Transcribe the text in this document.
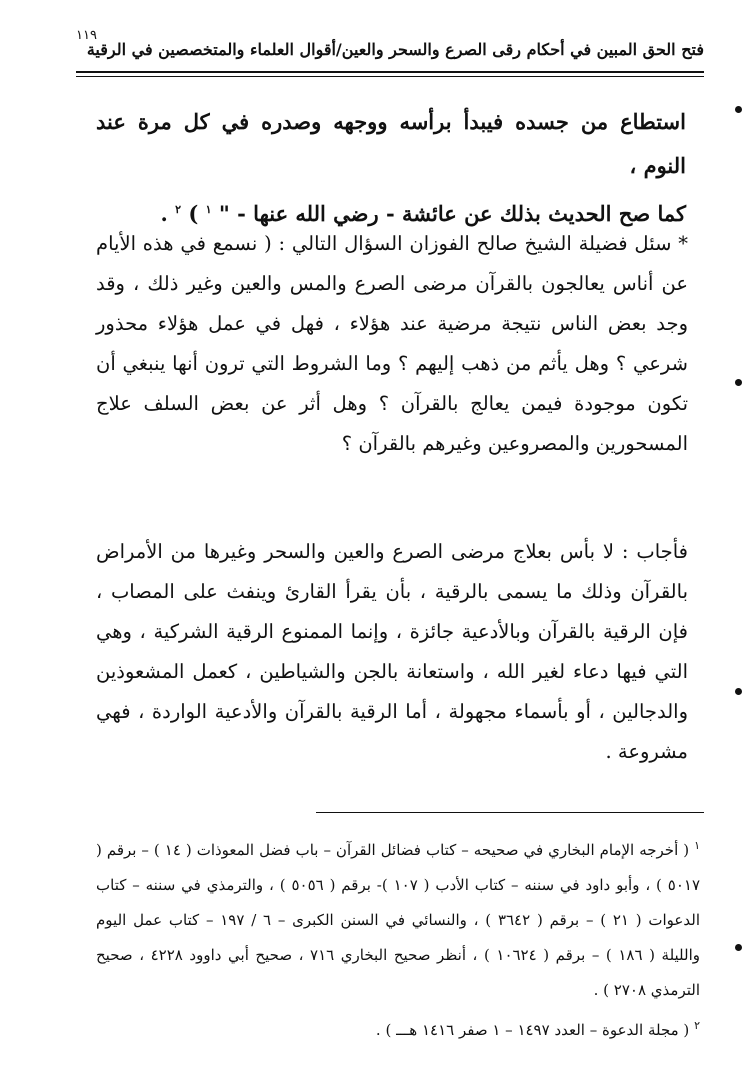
١١٩
فتح الحق المبين في أحكام رقى الصرع والسحر والعين/أقوال العلماء والمتخصصين في الرقية
استطاع من جسده فيبدأ برأسه ووجهه وصدره في كل مرة عند النوم ،
كما صح الحديث بذلك عن عائشة - رضي الله عنها - " $^١$ ) $^٢$ .
* سئل فضيلة الشيخ صالح الفوزان السؤال التالي : ( نسمع في هذه الأيام عن أناس يعالجون بالقرآن مرضى الصرع والمس والعين وغير ذلك ، وقد وجد بعض الناس نتيجة مرضية عند هؤلاء ، فهل في عمل هؤلاء محذور شرعي ؟ وهل يأثم من ذهب إليهم ؟ وما الشروط التي ترون أنها ينبغي أن تكون موجودة فيمن يعالج بالقرآن ؟ وهل أثر عن بعض السلف علاج المسحورين والمصروعين وغيرهم بالقرآن ؟
فأجاب : لا بأس بعلاج مرضى الصرع والعين والسحر وغيرها من الأمراض بالقرآن وذلك ما يسمى بالرقية ، بأن يقرأ القارئ وينفث على المصاب ، فإن الرقية بالقرآن وبالأدعية جائزة ، وإنما الممنوع الرقية الشركية ، وهي التي فيها دعاء لغير الله ، واستعانة بالجن والشياطين ، كعمل المشعوذين والدجالين ، أو بأسماء مجهولة ، أما الرقية بالقرآن والأدعية الواردة ، فهي مشروعة .

$^١$ ( أخرجه الإمام البخاري في صحيحه – كتاب فضائل القرآن – باب فضل المعوذات ( ١٤ ) – برقم ( ٥٠١٧ ) ، وأبو داود في سننه – كتاب الأدب ( ١٠٧ )- برقم ( ٥٠٥٦ ) ، والترمذي في سننه – كتاب الدعوات ( ٢١ ) – برقم ( ٣٦٤٢ ) ، والنسائي في السنن الكبرى – ٦ / ١٩٧ – كتاب عمل اليوم والليلة ( ١٨٦ ) – برقم ( ١٠٦٢٤ ) ، أنظر صحيح البخاري ٧١٦ ، صحيح أبي داوود ٤٢٢٨ ، صحيح الترمذي ٢٧٠٨ ) .

$^٢$ ( مجلة الدعوة – العدد ١٤٩٧ – ١ صفر ١٤١٦ هـــ ) .
